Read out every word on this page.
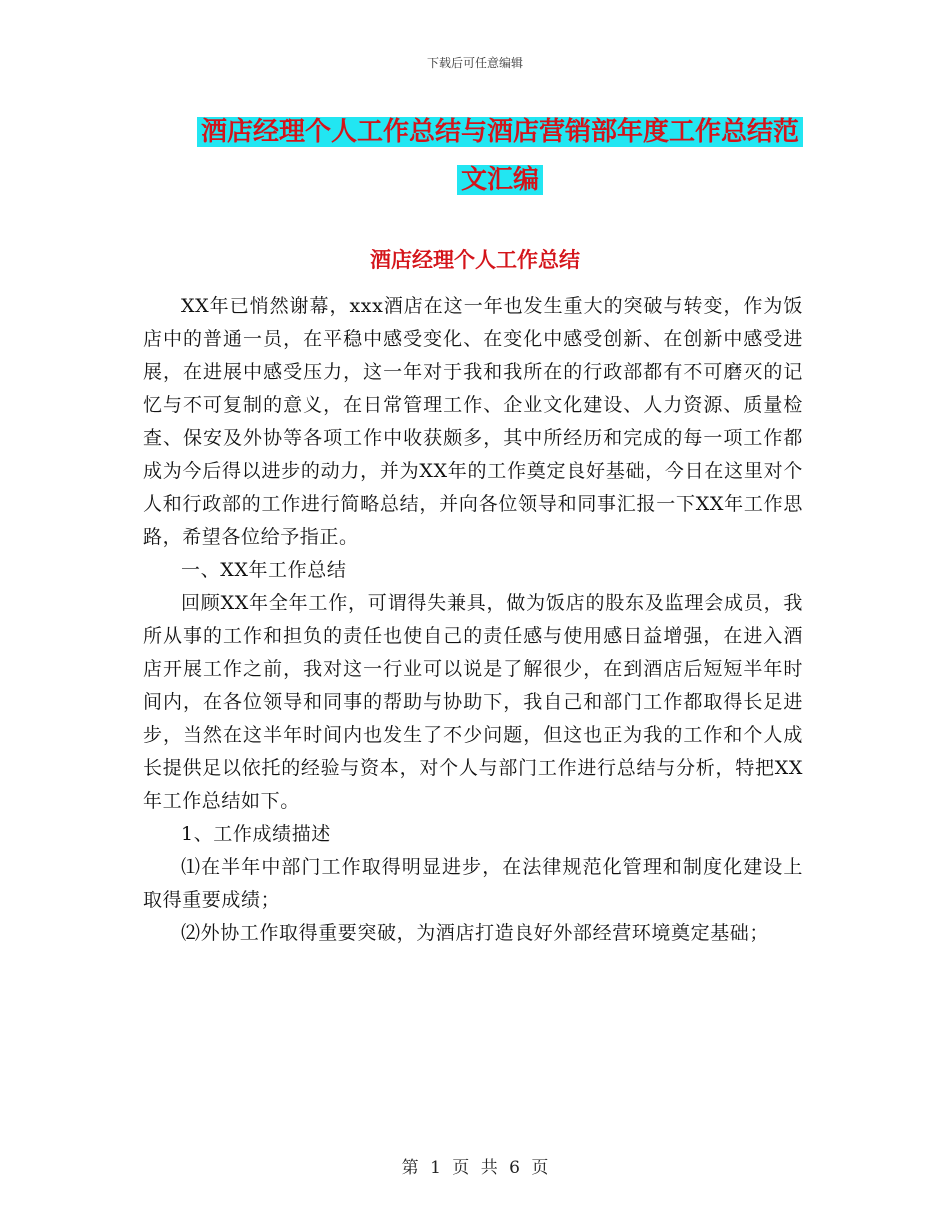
下载后可任意编辑
酒店经理个人工作总结与酒店营销部年度工作总结范
文汇编
酒店经理个人工作总结

XX年已悄然谢幕，xxx酒店在这一年也发生重大的突破与转变，作为饭店中的普通一员，在平稳中感受变化、在变化中感受创新、在创新中感受进展，在进展中感受压力，这一年对于我和我所在的行政部都有不可磨灭的记忆与不可复制的意义，在日常管理工作、企业文化建设、人力资源、质量检查、保安及外协等各项工作中收获颇多，其中所经历和完成的每一项工作都成为今后得以进步的动力，并为XX年的工作奠定良好基础，今日在这里对个人和行政部的工作进行简略总结，并向各位领导和同事汇报一下XX年工作思路，希望各位给予指正。

一、XX年工作总结

回顾XX年全年工作，可谓得失兼具，做为饭店的股东及监理会成员，我所从事的工作和担负的责任也使自己的责任感与使用感日益增强，在进入酒店开展工作之前，我对这一行业可以说是了解很少，在到酒店后短短半年时间内，在各位领导和同事的帮助与协助下，我自己和部门工作都取得长足进步，当然在这半年时间内也发生了不少问题，但这也正为我的工作和个人成长提供足以依托的经验与资本，对个人与部门工作进行总结与分析，特把XX年工作总结如下。

1、工作成绩描述

⑴在半年中部门工作取得明显进步，在法律规范化管理和制度化建设上取得重要成绩；

⑵外协工作取得重要突破，为酒店打造良好外部经营环境奠定基础；

第 1 页 共 6 页
